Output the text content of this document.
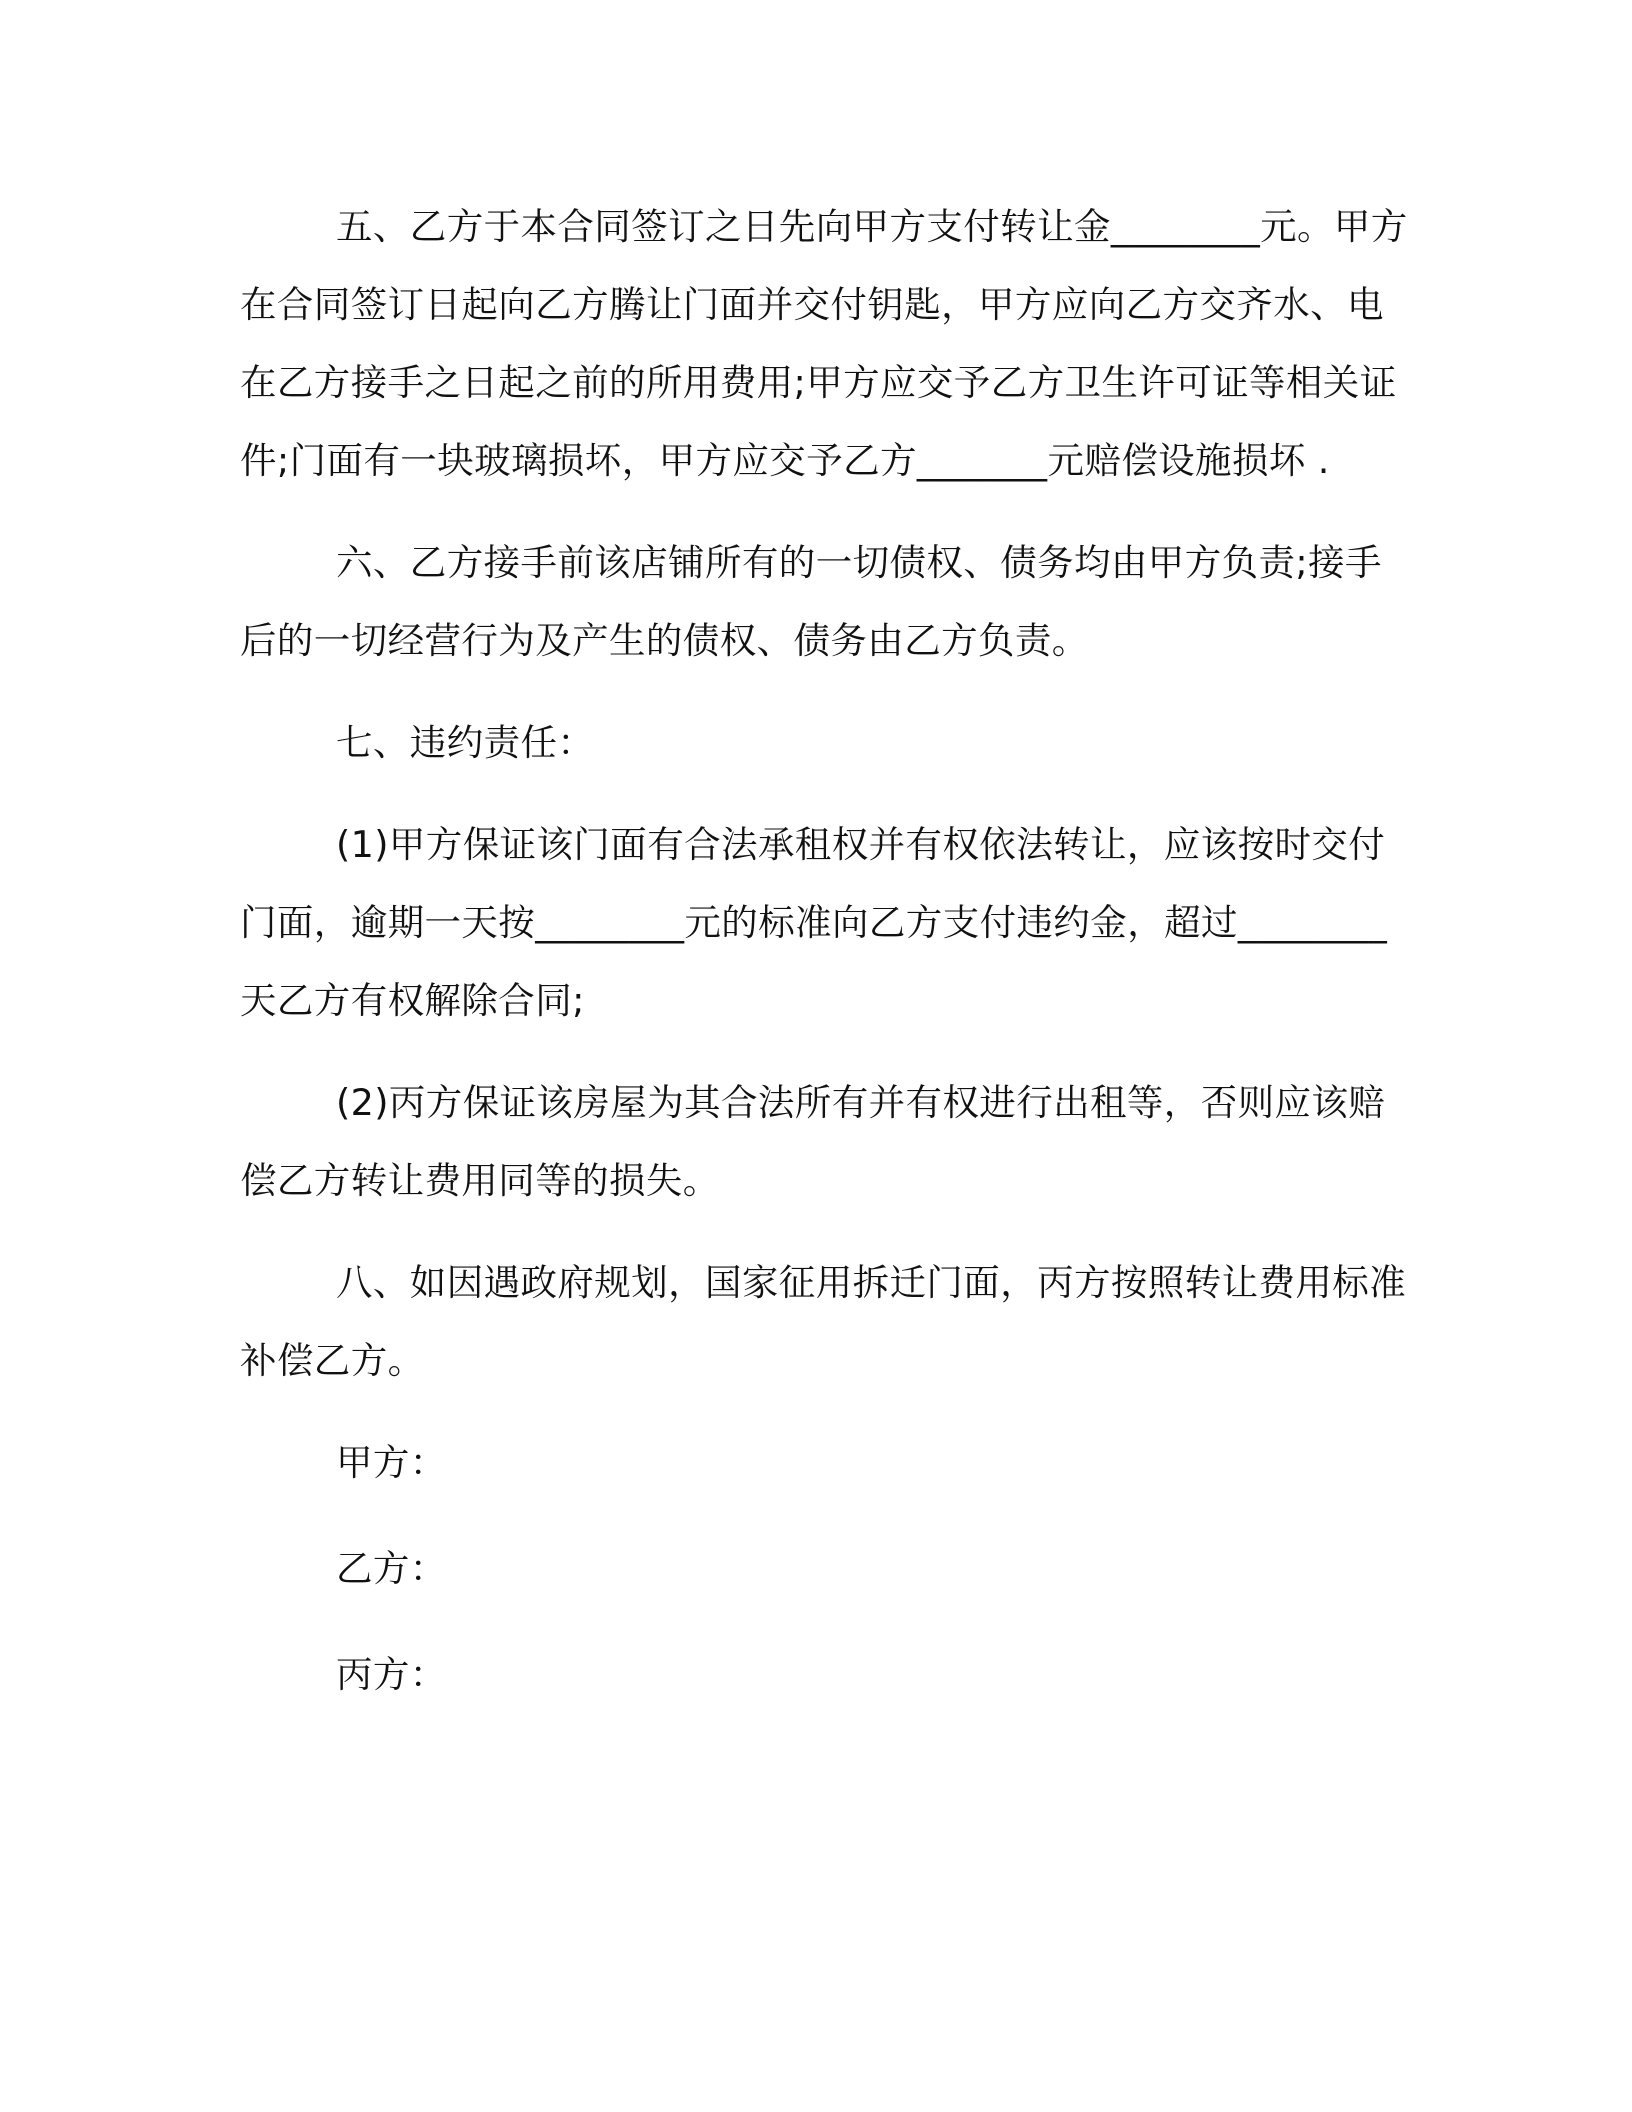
五、乙方于本合同签订之日先向甲方支付转让金________元。甲方在合同签订日起向乙方腾让门面并交付钥匙，甲方应向乙方交齐水、电在乙方接手之日起之前的所用费用;甲方应交予乙方卫生许可证等相关证件;门面有一块玻璃损坏，甲方应交予乙方_______元赔偿设施损坏 .

六、乙方接手前该店铺所有的一切债权、债务均由甲方负责;接手后的一切经营行为及产生的债权、债务由乙方负责。

七、违约责任：

(1)甲方保证该门面有合法承租权并有权依法转让，应该按时交付门面，逾期一天按________元的标准向乙方支付违约金，超过________天乙方有权解除合同;

(2)丙方保证该房屋为其合法所有并有权进行出租等，否则应该赔偿乙方转让费用同等的损失。

八、如因遇政府规划，国家征用拆迁门面，丙方按照转让费用标准补偿乙方。

甲方：

乙方：

丙方：
